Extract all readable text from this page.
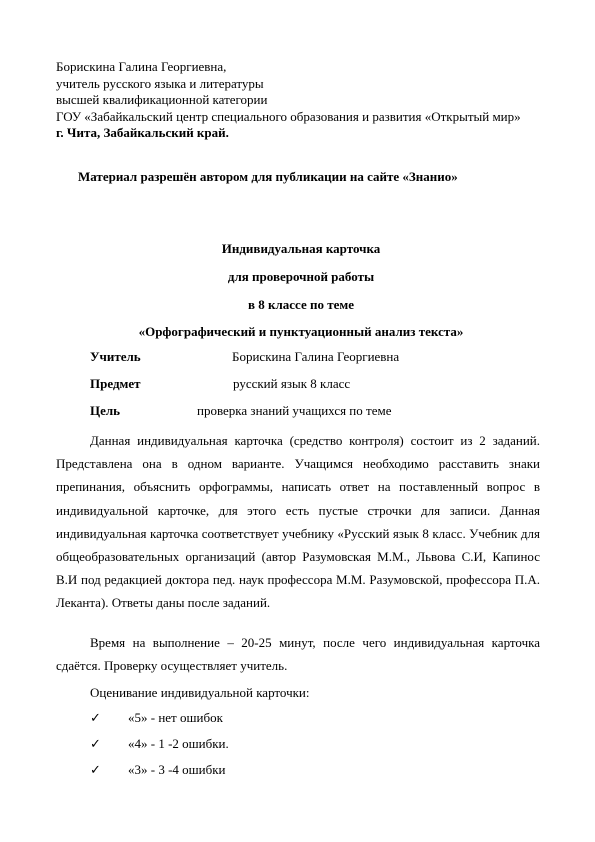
Борискина Галина Георгиевна,
учитель русского языка и литературы
высшей квалификационной категории
ГОУ «Забайкальский центр специального образования и развития «Открытый мир»
г. Чита, Забайкальский край.
Материал разрешён автором для публикации на сайте «Знанио»
Индивидуальная карточка
для проверочной работы
в 8 классе по теме
«Орфографический и пунктуационный анализ текста»
Учитель	Борискина Галина Георгиевна
Предмет	русский язык 8 класс
Цель	проверка знаний учащихся по теме

Данная индивидуальная карточка (средство контроля) состоит из 2 заданий. Представлена она в одном варианте. Учащимся необходимо расставить знаки препинания, объяснить орфограммы, написать ответ на поставленный вопрос в индивидуальной карточке, для этого есть пустые строчки для записи. Данная индивидуальная карточка соответствует учебнику «Русский язык 8 класс. Учебник для общеобразовательных организаций (автор Разумовская М.М., Львова С.И, Капинос В.И под редакцией доктора пед. наук профессора М.М. Разумовской, профессора П.А. Леканта). Ответы даны после заданий.

Время на выполнение – 20-25 минут, после чего индивидуальная карточка сдаётся. Проверку осуществляет учитель.

Оценивание индивидуальной карточки:
✓ «5» - нет ошибок
✓ «4» - 1 -2 ошибки.
✓ «3» - 3 -4 ошибки
